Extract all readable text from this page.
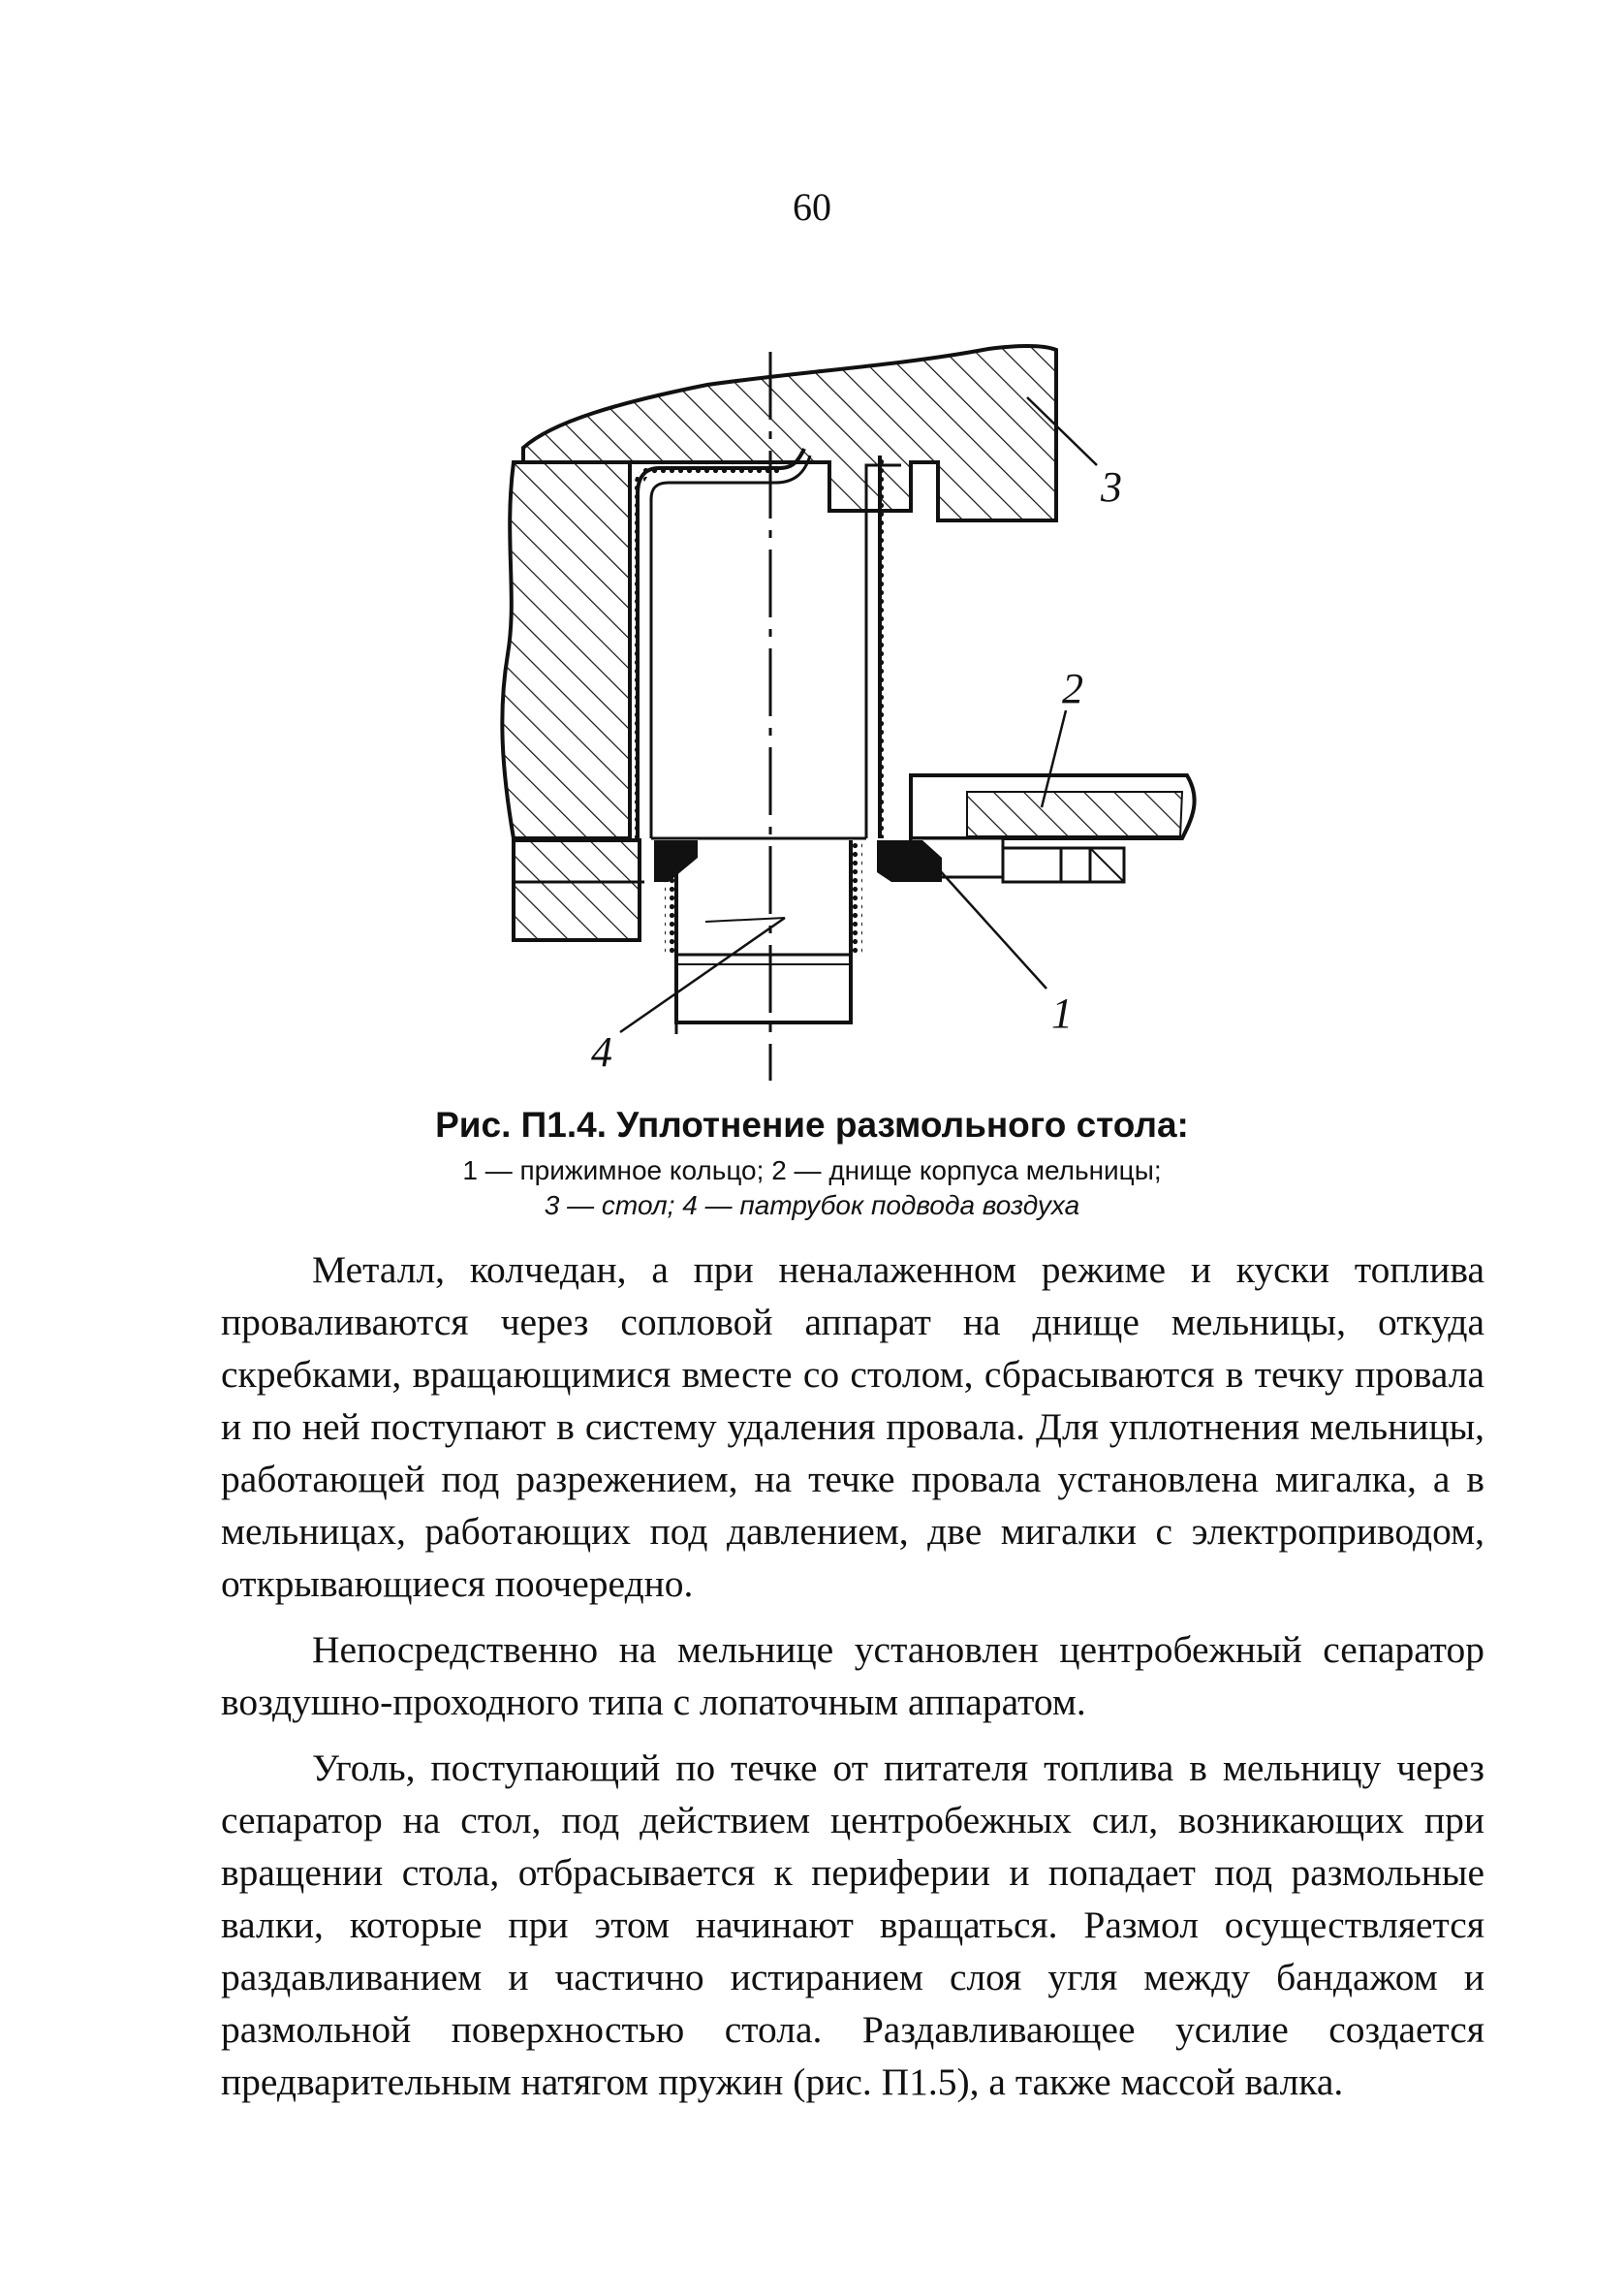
60
3
2
1
4
Рис. П1.4. Уплотнение размольного стола:
1 — прижимное кольцо; 2 — днище корпуса мельницы;
3 — стол; 4 — патрубок подвода воздуха

Металл, колчедан, а при неналаженном режиме и куски топлива проваливаются через сопловой аппарат на днище мельницы, откуда скребками, вращающимися вместе со столом, сбрасываются в течку провала и по ней поступают в систему удаления провала. Для уплотнения мельницы, работающей под разрежением, на течке провала установлена мигалка, а в мельницах, работающих под давлением, две мигалки с электроприводом, открывающиеся поочередно.

Непосредственно на мельнице установлен центробежный сепаратор воздушно-проходного типа с лопаточным аппаратом.

Уголь, поступающий по течке от питателя топлива в мельницу через сепаратор на стол, под действием центробежных сил, возникающих при вращении стола, отбрасывается к периферии и попадает под размольные валки, которые при этом начинают вращаться. Размол осуществляется раздавливанием и частично истиранием слоя угля между бандажом и размольной поверхностью стола. Раздавливающее усилие создается предварительным натягом пружин (рис. П1.5), а также массой валка.
